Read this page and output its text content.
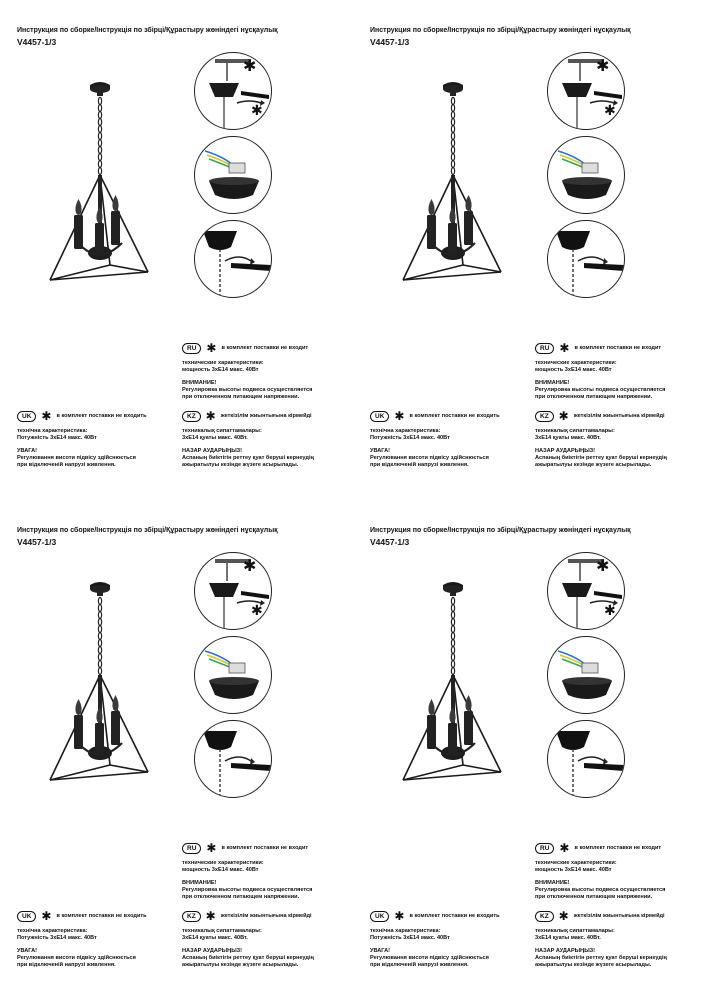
Инструкция по сборке/Інструкція по збірці/Құрастыру жөніндегі нұсқаулық
V4457-1/3
✱
✱
RU ✱ в комплект поставки не входит
технические характеристики:
мощность 3хЕ14 макс. 40Вт
ВНИМАНИЕ!
Регулировка высоты подвеса осуществляется
при отключенном питающем напряжении.
UK ✱ в комплект поставки не входить
технічна характеристика:
Потужність 3хЕ14 макс. 40Вт
УВАГА!
Регулювання висоти підвісу здійснюється
при відключеній напрузі живлення.
KZ ✱ жеткізілім жиынтығына кірмейді
техникалық сипаттамалары:
3хЕ14 қуаты макс. 40Вт.
НАЗАР АУДАРЫҢЫЗ!
Аспаның биіктігін реттеу қуат беруші кернеудің
ажыратылуы кезінде жүзеге асырылады.
Инструкция по сборке/Інструкція по збірці/Құрастыру жөніндегі нұсқаулық
V4457-1/3
✱
✱
RU ✱ в комплект поставки не входит
технические характеристики:
мощность 3хЕ14 макс. 40Вт
ВНИМАНИЕ!
Регулировка высоты подвеса осуществляется
при отключенном питающем напряжении.
UK ✱ в комплект поставки не входить
технічна характеристика:
Потужність 3хЕ14 макс. 40Вт
УВАГА!
Регулювання висоти підвісу здійснюється
при відключеній напрузі живлення.
KZ ✱ жеткізілім жиынтығына кірмейді
техникалық сипаттамалары:
3хЕ14 қуаты макс. 40Вт.
НАЗАР АУДАРЫҢЫЗ!
Аспаның биіктігін реттеу қуат беруші кернеудің
ажыратылуы кезінде жүзеге асырылады.
Инструкция по сборке/Інструкція по збірці/Құрастыру жөніндегі нұсқаулық
V4457-1/3
✱
✱
RU ✱ в комплект поставки не входит
технические характеристики:
мощность 3хЕ14 макс. 40Вт
ВНИМАНИЕ!
Регулировка высоты подвеса осуществляется
при отключенном питающем напряжении.
UK ✱ в комплект поставки не входить
технічна характеристика:
Потужність 3хЕ14 макс. 40Вт
УВАГА!
Регулювання висоти підвісу здійснюється
при відключеній напрузі живлення.
KZ ✱ жеткізілім жиынтығына кірмейді
техникалық сипаттамалары:
3хЕ14 қуаты макс. 40Вт.
НАЗАР АУДАРЫҢЫЗ!
Аспаның биіктігін реттеу қуат беруші кернеудің
ажыратылуы кезінде жүзеге асырылады.
Инструкция по сборке/Інструкція по збірці/Құрастыру жөніндегі нұсқаулық
V4457-1/3
✱
✱
RU ✱ в комплект поставки не входит
технические характеристики:
мощность 3хЕ14 макс. 40Вт
ВНИМАНИЕ!
Регулировка высоты подвеса осуществляется
при отключенном питающем напряжении.
UK ✱ в комплект поставки не входить
технічна характеристика:
Потужність 3хЕ14 макс. 40Вт
УВАГА!
Регулювання висоти підвісу здійснюється
при відключеній напрузі живлення.
KZ ✱ жеткізілім жиынтығына кірмейді
техникалық сипаттамалары:
3хЕ14 қуаты макс. 40Вт.
НАЗАР АУДАРЫҢЫЗ!
Аспаның биіктігін реттеу қуат беруші кернеудің
ажыратылуы кезінде жүзеге асырылады.
